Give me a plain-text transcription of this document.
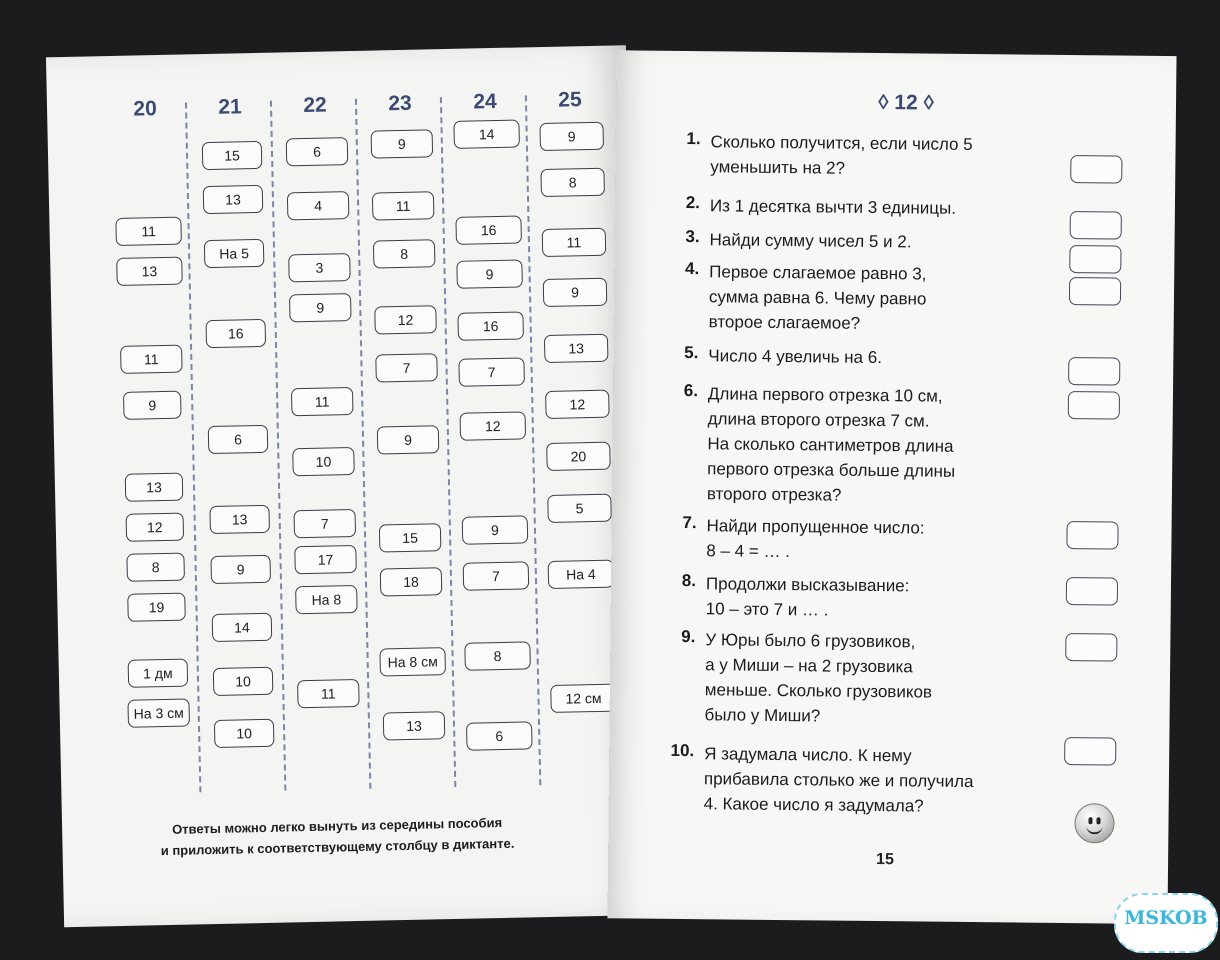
20
11
13
11
9
13
12
8
19
1 дм
На 3 см
21
15
13
На 5
16
6
13
9
14
10
10
22
6
4
3
9
11
10
7
17
На 8
11
23
9
11
8
12
7
9
15
18
На 8 см
13
24
14
16
9
16
7
12
9
7
8
6
25
9
8
11
9
13
12
20
5
На 4
12 см
Ответы можно легко вынуть из середины пособия
и приложить к соответствующему столбцу в диктанте.
◊ 12 ◊
1. Сколько получится, если число 5
уменьшить на 2?
2. Из 1 десятка вычти 3 единицы.
3. Найди сумму чисел 5 и 2.
4. Первое слагаемое равно 3,
сумма равна 6. Чему равно
второе слагаемое?
5. Число 4 увеличь на 6.
6. Длина первого отрезка 10 см,
длина второго отрезка 7 см.
На сколько сантиметров длина
первого отрезка больше длины
второго отрезка?
7. Найди пропущенное число:
8 – 4 = … .
8. Продолжи высказывание:
10 – это 7 и … .
9. У Юры было 6 грузовиков,
а у Миши – на 2 грузовика
меньше. Сколько грузовиков
было у Миши?
10. Я задумала число. К нему
прибавила столько же и получила
4. Какое число я задумала?
15
MSKOB
